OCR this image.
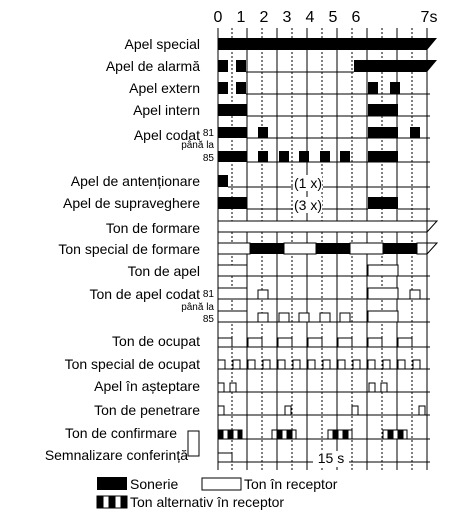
0 1 2 3 4 5 6	7s
Apel special
Apel de alarmă
Apel extern
Apel intern
Apel codat
Apel de antenționare
Apel de supraveghere
Ton de formare
Ton special de formare
Ton de apel
Ton de apel codat
Ton de ocupat
Ton special de ocupat
Apel în așteptare
Ton de penetrare
Ton de confirmare
Semnalizare conferință
81
până la
85
81
până la
85
(1 x)
(3 x)
15 s
Sonerie	Ton în receptor
Ton alternativ în receptor
